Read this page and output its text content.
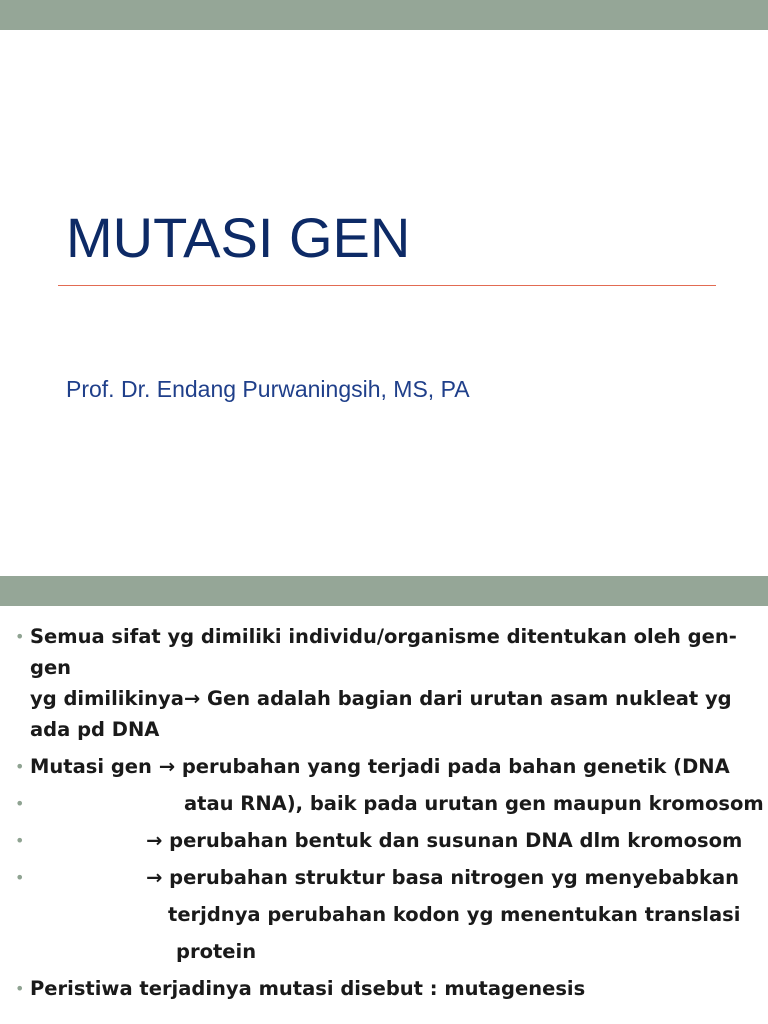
MUTASI GEN
Prof. Dr. Endang Purwaningsih, MS, PA
• Semua sifat yg dimiliki individu/organisme ditentukan oleh gen-gen
yg dimilikinya→ Gen adalah bagian dari urutan asam nukleat yg
ada pd DNA
• Mutasi gen → perubahan yang terjadi pada bahan genetik (DNA
•	atau RNA), baik pada urutan gen maupun kromosom
•	→ perubahan bentuk dan susunan DNA dlm kromosom
•	→ perubahan struktur basa nitrogen yg menyebabkan
terjdnya perubahan kodon yg menentukan translasi
protein
• Peristiwa terjadinya mutasi disebut : mutagenesis
